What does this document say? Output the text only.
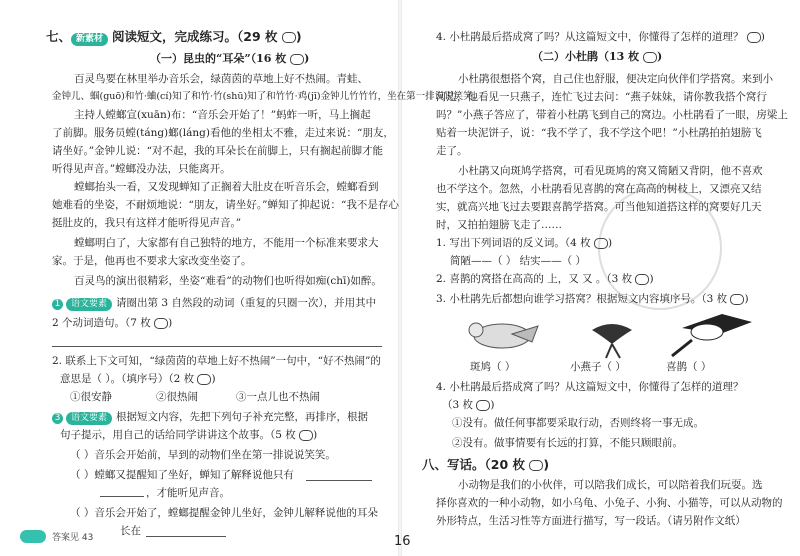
七、 新素材 阅读短文，完成练习。（29 枚 )
（一）昆虫的“耳朵”（16 枚 )
百灵鸟要在林里举办音乐会，绿茵茵的草地上好不热闹。青蛙、
金钟儿、蝈(guō)和竹·蛐(cí)知了和竹·竹(shū)知了和竹竹·鸡(jī)金钟儿竹竹竹，坐在第一排说说笑笑。
主持人螳螂宣(xuān)布：“音乐会开始了！”蚂蚱一听，马上搁起
了前脚。服务员螳(táng)螂(láng)看他的坐相太不雅，走过来说：“朋友，
请坐好。”金钟儿说：“对不起，我的耳朵长在前脚上，只有搁起前脚才能
听得见声音。”螳螂没办法，只能离开。
螳螂抬头一看，又发现蝉知了正搁着大肚皮在听音乐会，螳螂看到
她难看的坐姿，不耐烦地说：“朋友，请坐好。”蝉知了抑起说：“我不是存心
挺肚皮的，我只有这样才能听得见声音。”
螳螂明白了，大家都有自己独特的地方，不能用一个标准来要求大
家。于是，他再也不要求大家改变坐姿了。
百灵鸟的演出很精彩，坐姿“难看”的动物们也听得如痴(chī)如醉。
1 语文要素 请圈出第 3 自然段的动词（重复的只圈一次），并用其中
2 个动词造句。（7 枚 )
2. 联系上下文可知，“绿茵茵的草地上好不热闹”一句中，“好不热闹”的
意思是（ ）。（填序号）（2 枚 )
①很安静	②很热闹	③一点儿也不热闹
3 语文要素 根据短文内容，先把下列句子补充完整，再排序，根据
句子提示，用自己的话给同学讲讲这个故事。（5 枚 )
（ ）音乐会开始前，早到的动物们坐在第一排说说笑笑。
（ ）螳螂又提醒知了坐好，蝉知了解释说他只有
，才能听见声音。
（ ）音乐会开始了，螳螂提醒金钟儿坐好，金钟儿解释说他的耳朵
长在
答案见 43	16
4. 小杜鹃最后搭成窝了吗？从这篇短文中，你懂得了怎样的道理？ )
（二）小杜鹃（13 枚 )
小杜鹃很想搭个窝，自己住也舒服，便决定向伙伴们学搭窝。来到小
河边，他看见一只燕子，连忙飞过去问：“燕子妹妹，请你教我搭个窝行
吗？”小燕子答应了，带着小杜鹃飞到自己的窝边。小杜鹃看了一眼，房梁上
贴着一块泥饼子，说：“我不学了，我不学这个吧！”小杜鹃拍拍翅膀飞
走了。
小杜鹃又向斑鸠学搭窝，可看见斑鸠的窝又简陋又背阴，他不喜欢
也不学这个。忽然，小杜鹃看见喜鹊的窝在高高的树枝上，又漂亮又结
实，就高兴地飞过去要跟喜鹊学搭窝。可当他知道搭这样的窝要好几天
时，又拍拍翅膀飞走了……
1. 写出下列词语的反义词。（4 枚 )
简陋——（ ） 结实——（ ）
2. 喜鹊的窝搭在高高的 上，又 又 。（3 枚 )
3. 小杜鹃先后都想向谁学习搭窝？根据短文内容填序号。（3 枚 )
斑鸠（ ）	小燕子（ ）	喜鹊（ ）
4. 小杜鹃最后搭成窝了吗？从这篇短文中，你懂得了怎样的道理？
（3 枚 )
①没有。做任何事都要采取行动，否则终将一事无成。
②没有。做事情要有长远的打算，不能只顾眼前。
八、写话。（20 枚 )
小动物是我们的小伙伴，可以陪我们成长，可以陪着我们玩耍。选
择你喜欢的一种小动物，如小乌龟、小兔子、小狗、小猫等，可以从动物的
外形特点，生活习性等方面进行描写，写一段话。（请另附作文纸）
